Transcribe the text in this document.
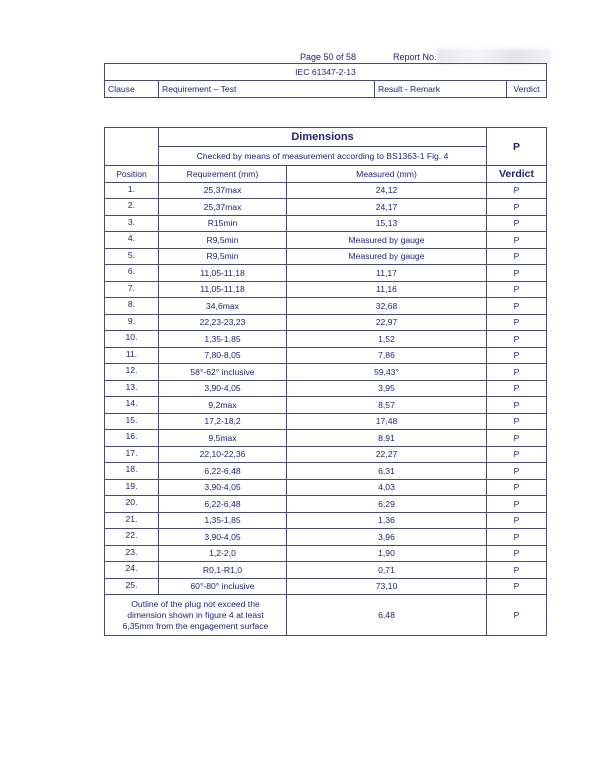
Page 50 of 58	Report No.
IEC 61347-2-13
Clause	Requirement – Test	Result - Remark	Verdict
	Dimensions		P
	Checked by means of measurement according to BS1363-1 Fig. 4		
Position	Requirement (mm)	Measured (mm)	Verdict
1.	25,37max	24,12	P
2.	25,37max	24,17	P
3.	R15min	15,13	P
4.	R9,5min	Measured by gauge	P
5.	R9,5min	Measured by gauge	P
6.	11,05-11,18	11,17	P
7.	11,05-11,18	11,16	P
8.	34,6max	32,68	P
9.	22,23-23,23	22,97	P
10.	1,35-1,85	1,52	P
11.	7,80-8,05	7,86	P
12.	58°-62° inclusive	59,43°	P
13.	3,90-4,05	3,95	P
14.	9,2max	8,57	P
15.	17,2-18,2	17,48	P
16.	9,5max	8,91	P
17.	22,10-22,36	22,27	P
18.	6,22-6,48	6,31	P
19.	3,90-4,05	4,03	P
20.	6,22-6,48	6,29	P
21.	1,35-1,85	1,36	P
22.	3,90-4,05	3,96	P
23.	1,2-2,0	1,90	P
24.	R0,1-R1,0	0,71	P
25.	60°-80° inclusive	73,10	P

Outline of the plug not exceed the
dimension shown in figure 4 at least
6,35mm from the engagement surface		6,48	P
